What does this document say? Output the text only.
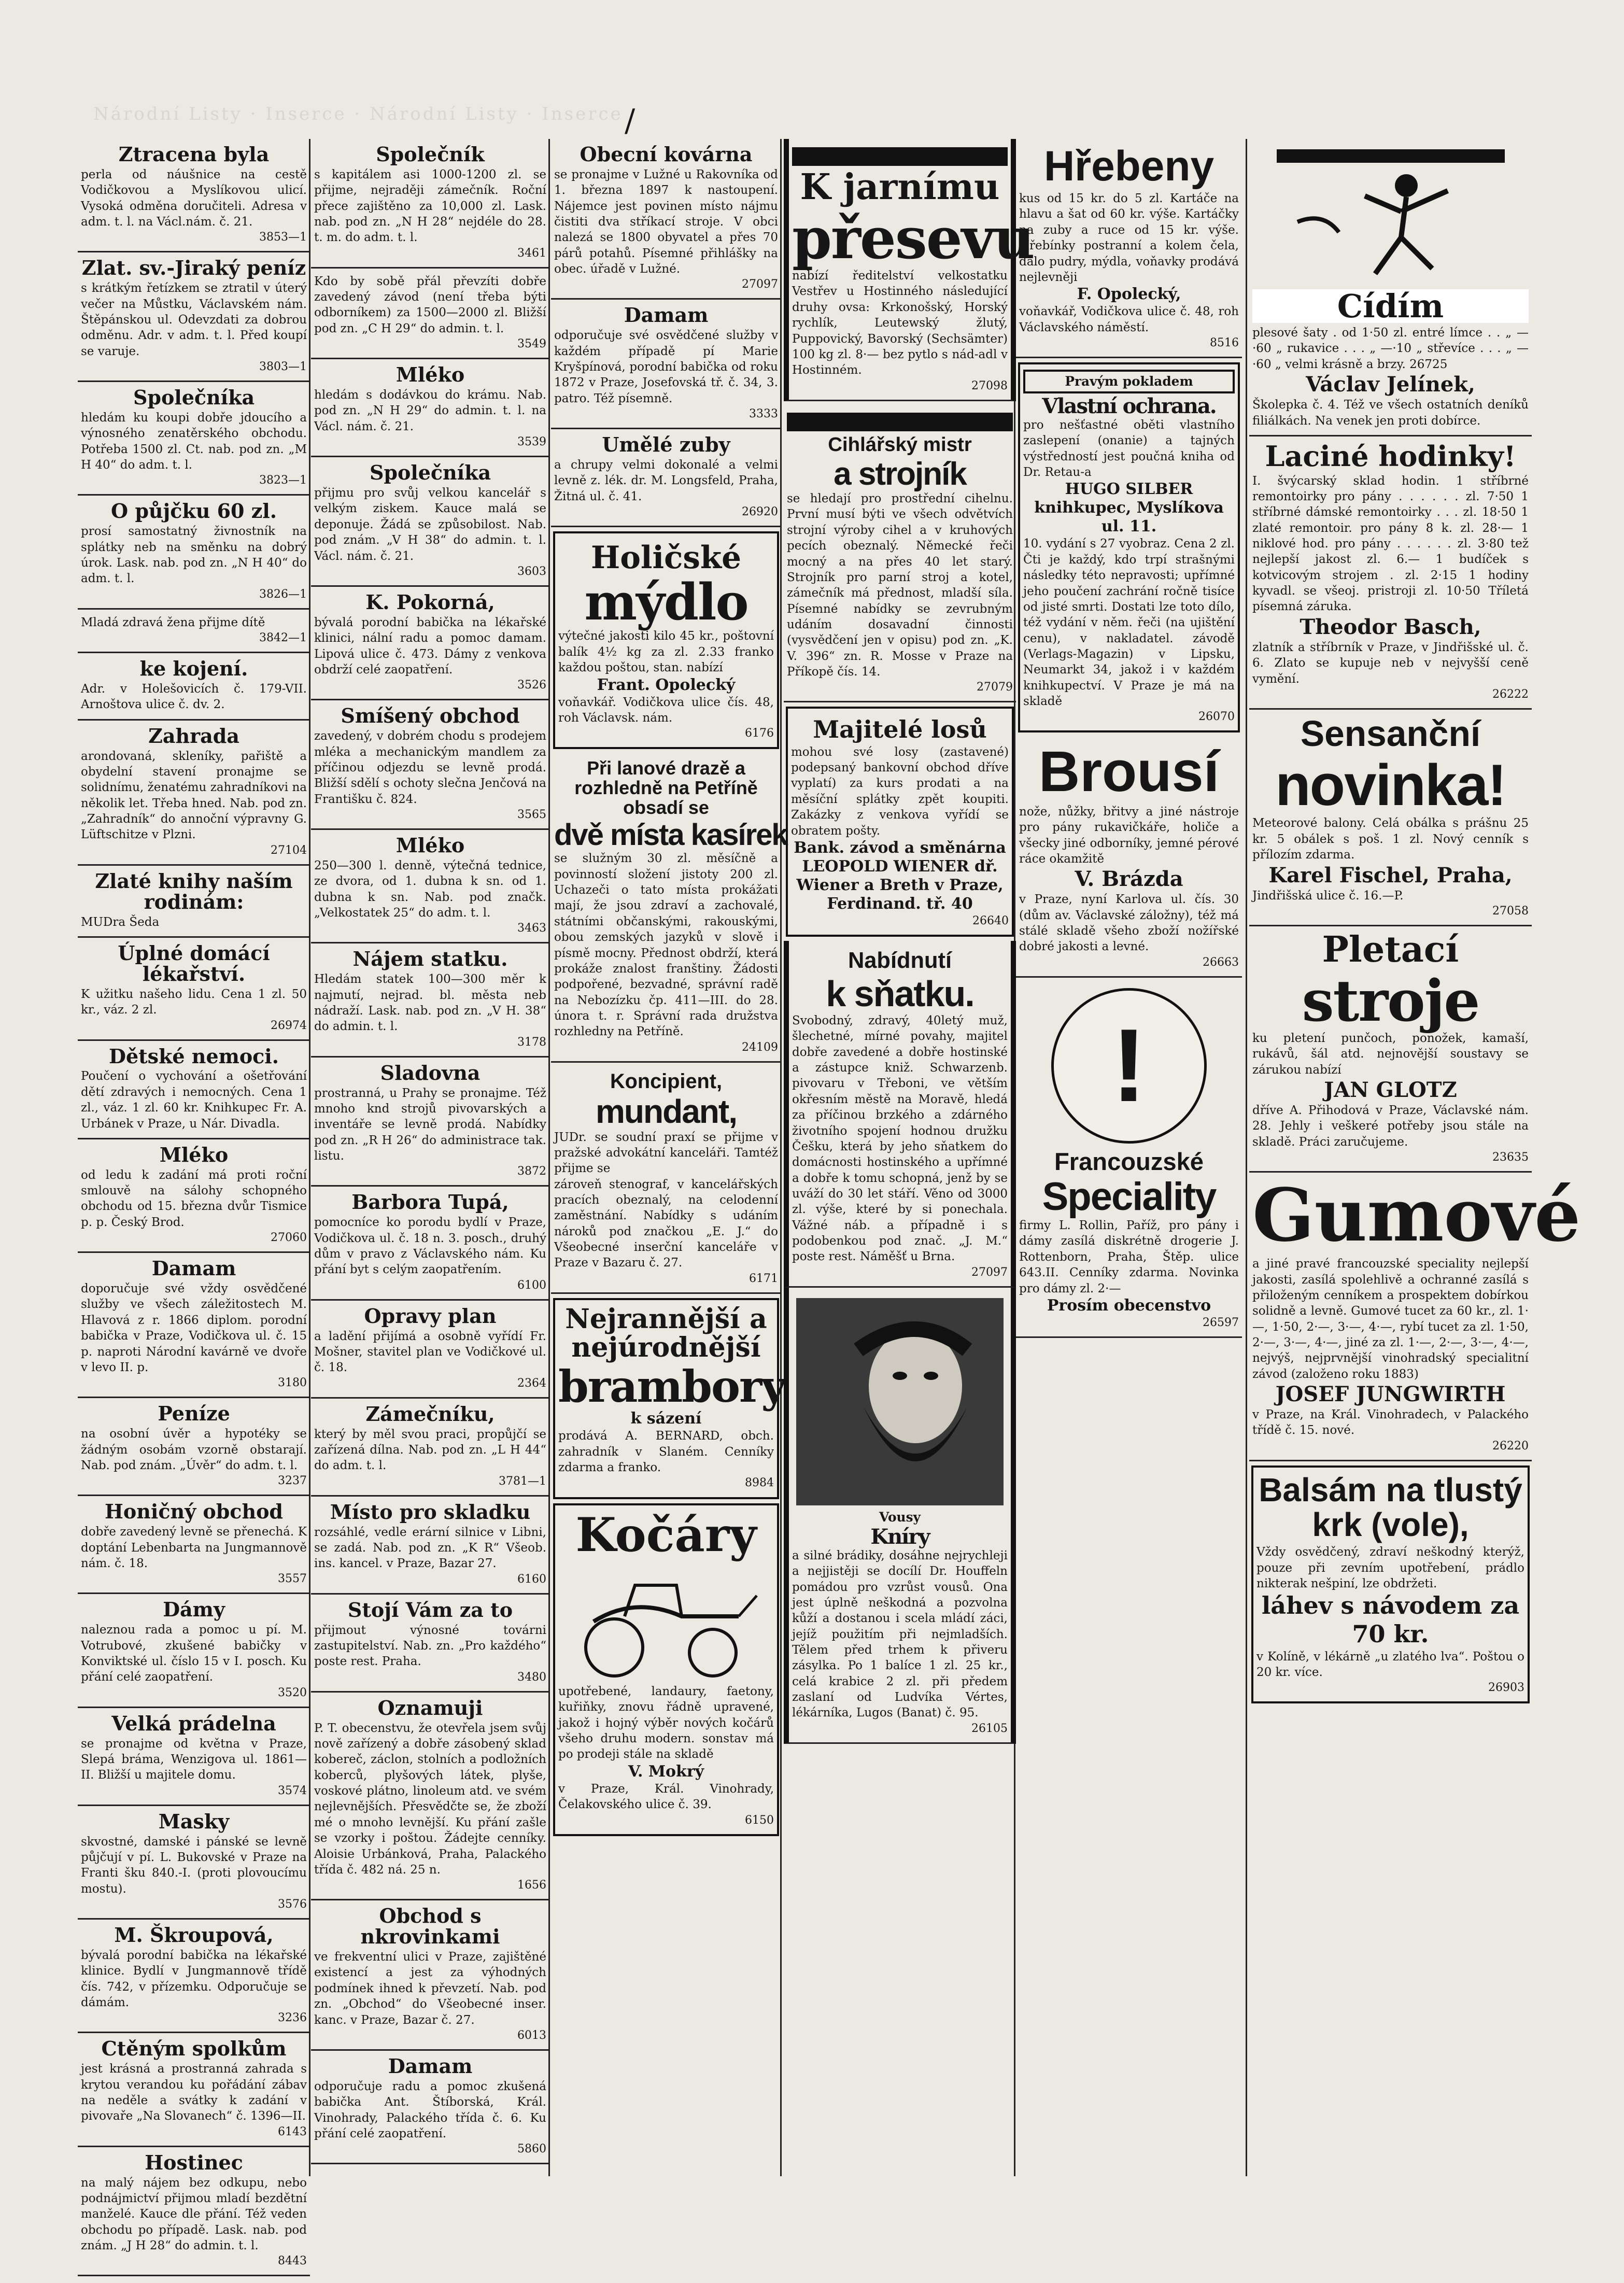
Národní Listy · Inserce · Národní Listy · Inserce /
Ztracena byla
perla od náušnice na cestě Vodičkovou a Myslíkovou ulicí. Vysoká odměna doručiteli. Adresa v adm. t. l. na Václ.nám. č. 21.
3853—1
Zlat. sv.-Jiraký peníz
s krátkým řetízkem se ztratil v úterý večer na Můstku, Václavském nám. Štěpánskou ul. Odevzdati za dobrou odměnu. Adr. v adm. t. l. Před koupí se varuje.
3803—1
Společníka
hledám ku koupi dobře jdoucího a výnosného zenatěrského obchodu. Potřeba 1500 zl. Ct. nab. pod zn. „M H 40“ do adm. t. l.
3823—1
O půjčku 60 zl.
prosí samostatný živnostník na splátky neb na směnku na dobrý úrok. Lask. nab. pod zn. „N H 40“ do adm. t. l.
3826—1
Mladá zdravá žena přijme dítě
3842—1
ke kojení.
Adr. v Holešovicích č. 179-VII. Arnoštova ulice č. dv. 2.
Zahrada
arondovaná, skleníky, pařiště a obydelní stavení pronajme se solidnímu, ženatému zahradníkovi na několik let. Třeba hned. Nab. pod zn. „Zahradník“ do annoční výpravny G. Lüftschitze v Plzni.
27104
Zlaté knihy naším rodinám:
MUDra Šeda
Úplné domácí lékařství.
K užitku našeho lidu. Cena 1 zl. 50 kr., váz. 2 zl.
26974
Dětské nemoci.
Poučení o vychování a ošetřování dětí zdravých i nemocných. Cena 1 zl., váz. 1 zl. 60 kr. Knihkupec Fr. A. Urbánek v Praze, u Nár. Divadla.
Mléko
od ledu k zadání má proti roční smlouvě na sálohy schopného obchodu od 15. března dvůr Tismice p. p. Český Brod.
27060
Damam
doporučuje své vždy osvědčené služby ve všech záležitostech M. Hlavová z r. 1866 diplom. porodní babička v Praze, Vodičkova ul. č. 15 p. naproti Národní kavárně ve dvoře v levo II. p.
3180
Peníze
na osobní úvěr a hypotéky se žádným osobám vzorně obstarají. Nab. pod znám. „Úvěr“ do adm. t. l.
3237
Honičný obchod
dobře zavedený levně se přenechá. K doptání Lebenbarta na Jungmannově nám. č. 18.
3557
Dámy
naleznou rada a pomoc u pí. M. Votrubové, zkušené babičky v Konviktské ul. číslo 15 v I. posch. Ku přání celé zaopatření.
3520
Velká prádelna
se pronajme od května v Praze, Slepá bráma, Wenzigova ul. 1861—II. Bližší u majitele domu.
3574
Masky
skvostné, damské i pánské se levně půjčují v pí. L. Bukovské v Praze na Franti šku 840.-I. (proti plovoucímu mostu).
3576
M. Škroupová,
bývalá porodní babička na lékařské klinice. Bydlí v Jungmannově třídě čís. 742, v přízemku. Odporučuje se dámám.
3236
Ctěným spolkům
jest krásná a prostranná zahrada s krytou verandou ku pořádání zábav na neděle a svátky k zadání v pivovaře „Na Slovanech“ č. 1396—II.
6143
Hostinec
na malý nájem bez odkupu, nebo podnájmictví přijmou mladí bezdětní manželé. Kauce dle přání. Též veden obchodu po případě. Lask. nab. pod znám. „J H 28“ do admin. t. l.
8443
Společník
s kapitálem asi 1000-1200 zl. se přijme, nejraději zámečník. Roční přece zajištěno za 10,000 zl. Lask. nab. pod zn. „N H 28“ nejdéle do 28. t. m. do adm. t. l.
3461
Kdo by sobě přál převzíti dobře zavedený závod (není třeba býti odborníkem) za 1500—2000 zl. Bližší pod zn. „C H 29“ do admin. t. l.
3549
Mléko
hledám s dodávkou do krámu. Nab. pod zn. „N H 29“ do admin. t. l. na Václ. nám. č. 21.
3539
Společníka
přijmu pro svůj velkou kancelář s velkým ziskem. Kauce malá se deponuje. Žádá se způsobilost. Nab. pod znám. „V H 38“ do admin. t. l. Václ. nám. č. 21.
3603
K. Pokorná,
bývalá porodní babička na lékařské klinici, nální radu a pomoc damam. Lipová ulice č. 473. Dámy z venkova obdrží celé zaopatření.
3526
Smíšený obchod
zavedený, v dobrém chodu s prodejem mléka a mechanickým mandlem za příčinou odjezdu se levně prodá. Bližší sdělí s ochoty slečna Jenčová na Františku č. 824.
3565
Mléko
250—300 l. denně, výtečná tednice, ze dvora, od 1. dubna k sn. od 1. dubna k sn. Nab. pod značk. „Velkostatek 25“ do adm. t. l.
3463
Nájem statku.
Hledám statek 100—300 měr k najmutí, nejrad. bl. města neb nádraží. Lask. nab. pod zn. „V H. 38“ do admin. t. l.
3178
Sladovna
prostranná, u Prahy se pronajme. Též mnoho knd strojů pivovarských a inventáře se levně prodá. Nabídky pod zn. „R H 26“ do administrace tak. listu.
3872
Barbora Tupá,
pomocníce ko porodu bydlí v Praze, Vodičkova ul. č. 18 n. 3. posch., druhý dům v pravo z Václavského nám. Ku přání byt s celým zaopatřením.
6100
Opravy plan
a ladění přijímá a osobně vyřídí Fr. Mošner, stavitel plan ve Vodičkové ul. č. 18.
2364
Zámečníku,
který by měl svou praci, propůjčí se zařízená dílna. Nab. pod zn. „L H 44“ do adm. t. l.
3781—1
Místo pro skladku
rozsáhlé, vedle erární silnice v Libni, se zadá. Nab. pod zn. „K R“ Všeob. ins. kancel. v Praze, Bazar 27.
6160
Stojí Vám za to
přijmout výnosné továrni zastupitelství. Nab. zn. „Pro každého“ poste rest. Praha.
3480
Oznamuji
P. T. obecenstvu, že otevřela jsem svůj nově zařízený a dobře zásobený sklad kobereč, záclon, stolních a podložních koberců, plyšových látek, plyše, voskové plátno, linoleum atd. ve svém nejlevnějších. Přesvědčte se, že zboží mé o mnoho levnější. Ku přání zašle se vzorky i poštou. Žádejte cenníky. Aloisie Urbánková, Praha, Palackého třída č. 482 ná. 25 n.
1656
Obchod s nkrovinkami
ve frekventní ulici v Praze, zajištěné existencí a jest za výhodných podmínek ihned k převzetí. Nab. pod zn. „Obchod“ do Všeobecné inser. kanc. v Praze, Bazar č. 27.
6013
Damam
odporučuje radu a pomoc zkušená babička Ant. Štíborská, Král. Vinohrady, Palackého třída č. 6. Ku přání celé zaopatření.
5860
Obecní kovárna
se pronajme v Lužné u Rakovníka od 1. března 1897 k nastoupení. Nájemce jest povinen místo nájmu čistiti dva stříkací stroje. V obci nalezá se 1800 obyvatel a přes 70 párů potahů. Písemné přihlášky na obec. úřadě v Lužné.
27097
Damam
odporučuje své osvědčené služby v každém případě pí Marie Kryšpínová, porodní babička od roku 1872 v Praze, Josefovská tř. č. 34, 3. patro. Též písemně.
3333
Umělé zuby
a chrupy velmi dokonalé a velmi levně z. lék. dr. M. Longsfeld, Praha, Žitná ul. č. 41.
26920
Holičské
mýdlo
výtečné jakosti kilo 45 kr., poštovní balík 4½ kg za zl. 2.33 franko každou poštou, stan. nabízí
Frant. Opolecký
voňavkář. Vodičkova ulice čís. 48, roh Václavsk. nám.
6176
Při lanové drazě a rozhledně na Petříně obsadí se
dvě místa kasírek
se služným 30 zl. měsíčně a povinností složení jistoty 200 zl. Uchazeči o tato místa prokážati mají, že jsou zdraví a zachovalé, státními občanskými, rakouskými, obou zemských jazyků v slově i písmě mocny. Přednost obdrží, která prokáže znalost franštiny. Žádosti podpořené, bezvadné, správní radě na Nebozízku čp. 411—III. do 28. února t. r. Správní rada družstva rozhledny na Petříně.
24109
Koncipient,
mundant,
JUDr. se soudní praxí se přijme v pražské advokátní kanceláři. Tamtéž přijme se
zároveň stenograf, v kancelářských pracích obeznalý, na celodenní zaměstnání. Nabídky s udáním nároků pod značkou „E. J.“ do Všeobecné inserční kanceláře v Praze v Bazaru č. 27.
6171
Nejrannější a nejúrodnější
brambory
k sázení
prodává A. BERNARD, obch. zahradník v Slaném. Cenníky zdarma a franko.
8984
Kočáry
upotřebené, landaury, faetony, kuřiňky, znovu řádně upravené, jakož i hojný výběr nových kočárů všeho druhu modern. sonstav má po prodeji stále na skladě
V. Mokrý
v Praze, Král. Vinohrady, Čelakovského ulice č. 39.
6150
K jarnímu
přesevu
nabízí ředitelství velkostatku Vestřev u Hostinného následující druhy ovsa: Krkonošský, Horský rychlík, Leutewský žlutý, Puppovický, Bavorský (Sechsämter) 100 kg zl. 8·— bez pytlo s nád-adl v Hostinném.
27098
Cihlářský mistr
a strojník
se hledají pro prostřední cihelnu. První musí býti ve všech odvětvích strojní výroby cihel a v kruhových pecích obeznalý. Německé řeči mocný a na přes 40 let starý. Strojník pro parní stroj a kotel, zámečník má přednost, mladší síla. Písemné nabídky se zevrubným udáním dosavadní činnosti (vysvědčení jen v opisu) pod zn. „K. V. 396“ zn. R. Mosse v Praze na Příkopě čís. 14.
27079
Majitelé losů
mohou své losy (zastavené) podepsaný bankovní obchod dříve vyplatí) za kurs prodati a na měsíční splátky zpět koupiti. Zakázky z venkova vyřídí se obratem pošty.
Bank. závod a směnárna LEOPOLD WIENER dř. Wiener a Breth v Praze, Ferdinand. tř. 40
26640
Nabídnutí
k sňatku.
Svobodný, zdravý, 40letý muž, šlechetné, mírné povahy, majitel dobře zavedené a dobře hostinské a zástupce kniž. Schwarzenb. pivovaru v Třeboni, ve větším okřesním městě na Moravě, hledá za příčinou brzkého a zdárného životního spojení hodnou družku Češku, která by jeho sňatkem do domácnosti hostinského a upřímné a dobře k tomu schopná, jenž by se uváží do 30 let stáří. Věno od 3000 zl. výše, které by si ponechala. Vážné náb. a případně i s podobenkou pod znač. „J. M.“ poste rest. Náměšť u Brna.
27097
Vousy
Kníry
a silné brádiky, dosáhne nejrychleji a nejjistěji se docílí Dr. Houffeln pomádou pro vzrůst vousů. Ona jest úplně neškodná a pozvolna kůží a dostanou i scela mládí záci, jejíž použitím při nejmladších. Tělem před trhem k přiveru zásylka. Po 1 balíce 1 zl. 25 kr., celá krabice 2 zl. při předem zaslaní od Ludvíka Vértes, lékárníka, Lugos (Banat) č. 95.
26105
Hřebeny
kus od 15 kr. do 5 zl. Kartáče na hlavu a šat od 60 kr. výše. Kartáčky na zuby a ruce od 15 kr. výše. Hřebínky postranní a kolem čela, dálo pudry, mýdla, voňavky prodává nejlevněji
F. Opolecký,
voňavkář, Vodičkova ulice č. 48, roh Václavského náměstí.
8516
Pravým pokladem
Vlastní ochrana.
pro nešťastné oběti vlastního zaslepení (onanie) a tajných výstředností jest poučná kniha od Dr. Retau-a
HUGO SILBER knihkupec, Myslíkova ul. 11.
10. vydání s 27 vyobraz. Cena 2 zl. Čti je každý, kdo trpí strašnými následky této nepravosti; upřímné jeho poučení zachrání ročně tisíce od jisté smrti. Dostati lze toto dílo, též vydání v něm. řeči (na ujištění cenu), v nakladatel. závodě (Verlags-Magazin) v Lipsku, Neumarkt 34, jakož i v každém knihkupectví. V Praze je má na skladě
26070
Brousí
nože, nůžky, břitvy a jiné nástroje pro pány rukavičkáře, holiče a všecky jiné odborníky, jemné pérové ráce okamžitě
V. Brázda
v Praze, nyní Karlova ul. čís. 30 (dům av. Václavské záložny), též má stálé skladě všeho zboží nožířské dobré jakosti a levné.
26663
!
Francouzské
Speciality
firmy L. Rollin, Paříž, pro pány i dámy zasílá diskrétně drogerie J. Rottenborn, Praha, Štěp. ulice 643.II. Cenníky zdarma. Novinka pro dámy zl. 2·—
Prosím obecenstvo
26597
Cídím
plesové šaty . od 1·50 zl. entré límce . . „ —·60 „ rukavice . . . „ —·10 „ střevíce . . . „ —·60 „ velmi krásně a brzy. 26725
Václav Jelínek,
Školepka č. 4. Též ve všech ostatních deníků filiálkách. Na venek jen proti dobírce.
Laciné hodinky!
I. švýcarský sklad hodin. 1 stříbrné remontoirky pro pány . . . . . . zl. 7·50 1 stříbrné dámské remontoirky . . . zl. 18·50 1 zlaté remontoir. pro pány 8 k. zl. 28·— 1 niklové hod. pro pány . . . . . . zl. 3·80 tež nejlepší jakost zl. 6.— 1 budíček s kotvicovým strojem . zl. 2·15 1 hodiny kyvadl. se všeoj. pristroji zl. 10·50 Tříletá písemná záruka.
Theodor Basch,
zlatník a stříbrník v Praze, v Jindřišské ul. č. 6. Zlato se kupuje neb v nejvyšší ceně vymění.
26222
Sensanční
novinka!
Meteorové balony. Celá obálka s prášnu 25 kr. 5 obálek s poš. 1 zl. Nový cenník s přílozím zdarma.
Karel Fischel, Praha,
Jindřišská ulice č. 16.—P.
27058
Pletací
stroje
ku pletení punčoch, ponožek, kamaší, rukávů, šál atd. nejnovější soustavy se zárukou nabízí
JAN GLOTZ
dříve A. Přihodová v Praze, Václavské nám. 28. Jehly i veškeré potřeby jsou stále na skladě. Práci zaručujeme.
23635
Gumové
a jiné pravé francouzské speciality nejlepší jakosti, zasílá spolehlivě a ochranné zasílá s přiloženým cenníkem a prospektem dobírkou solidně a levně. Gumové tucet za 60 kr., zl. 1·—, 1·50, 2·—, 3·—, 4·—, rybí tucet za zl. 1·50, 2·—, 3·—, 4·—, jiné za zl. 1·—, 2·—, 3·—, 4·—, nejvýš, nejprvnější vinohradský specialitní závod (založeno roku 1883)
JOSEF JUNGWIRTH
v Praze, na Král. Vinohradech, v Palackého třídě č. 15. nové.
26220
Balsám na tlustý krk (vole),
Vždy osvědčený, zdraví neškodný kterýž, pouze při zevním upotřebení, prádlo nikterak nešpiní, lze obdržeti.
láhev s návodem za 70 kr.
v Kolíně, v lékárně „u zlatého lva“. Poštou o 20 kr. více.
26903
